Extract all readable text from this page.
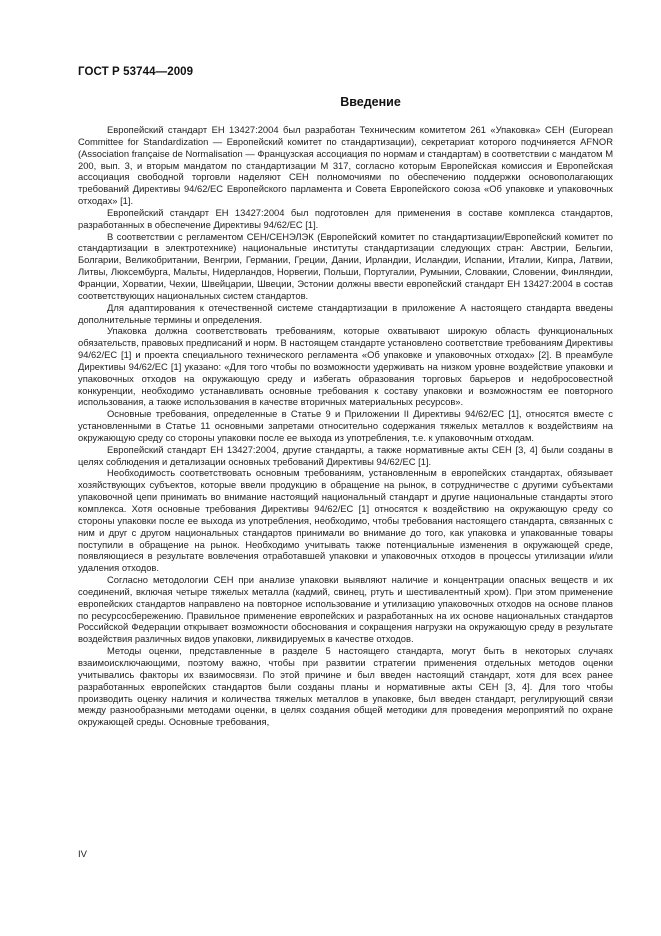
ГОСТ Р 53744—2009
Введение

Европейский стандарт ЕН 13427:2004 был разработан Техническим комитетом 261 «Упаковка» CEH (European Committee for Standardization — Европейский комитет по стандартизации), секретариат которого подчиняется AFNOR (Association française de Normalisation — Французская ассоциация по нормам и стандартам) в соответствии с мандатом М 200, вып. 3, и вторым мандатом по стандартизации М 317, согласно которым Европейская комиссия и Европейская ассоциация свободной торговли наделяют CEH полномочиями по обеспечению поддержки основополагающих требований Директивы 94/62/ЕС Европейского парламента и Совета Европейского союза «Об упаковке и упаковочных отходах» [1].

Европейский стандарт ЕН 13427:2004 был подготовлен для применения в составе комплекса стандартов, разработанных в обеспечение Директивы 94/62/ЕС [1].

В соответствии с регламентом CEH/СЕНЭЛЭК (Европейский комитет по стандартизации/Европейский комитет по стандартизации в электротехнике) национальные институты стандартизации следующих стран: Австрии, Бельгии, Болгарии, Великобритании, Венгрии, Германии, Греции, Дании, Ирландии, Исландии, Испании, Италии, Кипра, Латвии, Литвы, Люксембурга, Мальты, Нидерландов, Норвегии, Польши, Португалии, Румынии, Словакии, Словении, Финляндии, Франции, Хорватии, Чехии, Швейцарии, Швеции, Эстонии должны ввести европейский стандарт ЕН 13427:2004 в состав соответствующих национальных систем стандартов.

Для адаптирования к отечественной системе стандартизации в приложение А настоящего стандарта введены дополнительные термины и определения.

Упаковка должна соответствовать требованиям, которые охватывают широкую область функциональных обязательств, правовых предписаний и норм. В настоящем стандарте установлено соответствие требованиям Директивы 94/62/ЕС [1] и проекта специального технического регламента «Об упаковке и упаковочных отходах» [2]. В преамбуле Директивы 94/62/ЕС [1] указано: «Для того чтобы по возможности удерживать на низком уровне воздействие упаковки и упаковочных отходов на окружающую среду и избегать образования торговых барьеров и недобросовестной конкуренции, необходимо устанавливать основные требования к составу упаковки и возможностям ее повторного использования, а также использования в качестве вторичных материальных ресурсов».

Основные требования, определенные в Статье 9 и Приложении II Директивы 94/62/ЕС [1], относятся вместе с установленными в Статье 11 основными запретами относительно содержания тяжелых металлов к воздействиям на окружающую среду со стороны упаковки после ее выхода из употребления, т.е. к упаковочным отходам.

Европейский стандарт ЕН 13427:2004, другие стандарты, а также нормативные акты CEH [3, 4] были созданы в целях соблюдения и детализации основных требований Директивы 94/62/ЕС [1].

Необходимость соответствовать основным требованиям, установленным в европейских стандартах, обязывает хозяйствующих субъектов, которые ввели продукцию в обращение на рынок, в сотрудничестве с другими субъектами упаковочной цепи принимать во внимание настоящий национальный стандарт и другие национальные стандарты этого комплекса. Хотя основные требования Директивы 94/62/ЕС [1] относятся к воздействию на окружающую среду со стороны упаковки после ее выхода из употребления, необходимо, чтобы требования настоящего стандарта, связанных с ним и друг с другом национальных стандартов принимали во внимание до того, как упаковка и упакованные товары поступили в обращение на рынок. Необходимо учитывать также потенциальные изменения в окружающей среде, появляющиеся в результате вовлечения отработавшей упаковки и упаковочных отходов в процессы утилизации и/или удаления отходов.

Согласно методологии CEH при анализе упаковки выявляют наличие и концентрации опасных веществ и их соединений, включая четыре тяжелых металла (кадмий, свинец, ртуть и шестивалентный хром). При этом применение европейских стандартов направлено на повторное использование и утилизацию упаковочных отходов на основе планов по ресурсосбережению. Правильное применение европейских и разработанных на их основе национальных стандартов Российской Федерации открывает возможности обоснования и сокращения нагрузки на окружающую среду в результате воздействия различных видов упаковки, ликвидируемых в качестве отходов.

Методы оценки, представленные в разделе 5 настоящего стандарта, могут быть в некоторых случаях взаимоисключающими, поэтому важно, чтобы при развитии стратегии применения отдельных методов оценки учитывались факторы их взаимосвязи. По этой причине и был введен настоящий стандарт, хотя для всех ранее разработанных европейских стандартов были созданы планы и нормативные акты CEH [3, 4]. Для того чтобы производить оценку наличия и количества тяжелых металлов в упаковке, был введен стандарт, регулирующий связи между разнообразными методами оценки, в целях создания общей методики для проведения мероприятий по охране окружающей среды. Основные требования,

IV
